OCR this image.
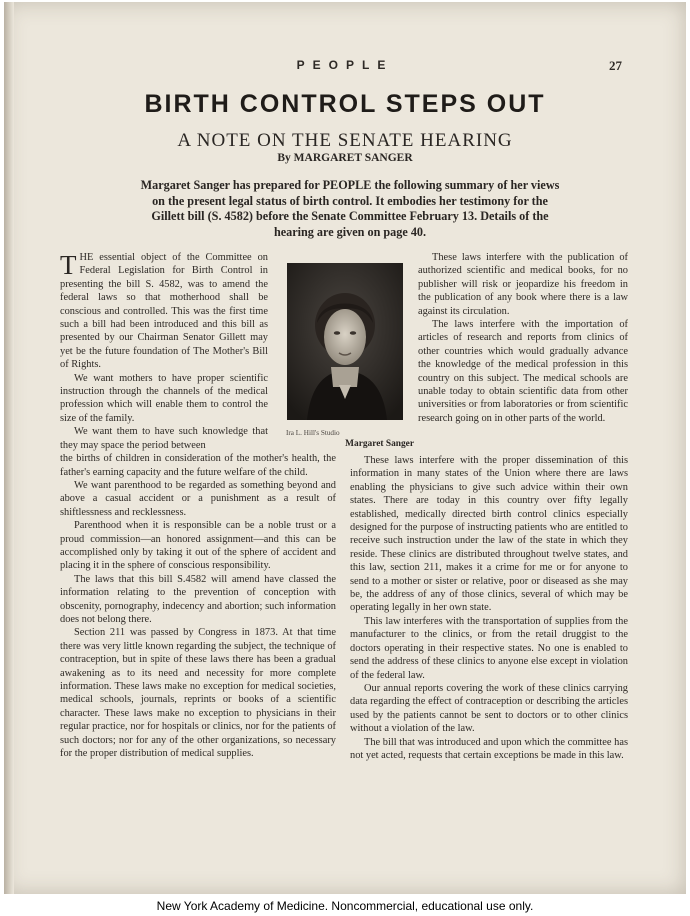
PEOPLE	27
BIRTH CONTROL STEPS OUT
A NOTE ON THE SENATE HEARING
By MARGARET SANGER
Margaret Sanger has prepared for PEOPLE the following summary of her views on the present legal status of birth control. It embodies her testimony for the Gillett bill (S. 4582) before the Senate Committee February 13. Details of the hearing are given on page 40.

THE essential object of the Committee on Federal Legislation for Birth Control in presenting the bill S. 4582, was to amend the federal laws so that motherhood shall be conscious and controlled. This was the first time such a bill had been introduced and this bill as presented by our Chairman Senator Gillett may yet be the future foundation of The Mother's Bill of Rights.

We want mothers to have proper scientific instruction through the channels of the medical profession which will enable them to control the size of the family.

We want them to have such knowledge that they may space the period between

the births of children in consideration of the mother's health, the father's earning capacity and the future welfare of the child.

We want parenthood to be regarded as something beyond and above a casual accident or a punishment as a result of shiftlessness and recklessness.

Parenthood when it is responsible can be a noble trust or a proud commission—an honored assignment—and this can be accomplished only by taking it out of the sphere of accident and placing it in the sphere of conscious responsibility.

The laws that this bill S.4582 will amend have classed the information relating to the prevention of conception with obscenity, pornography, indecency and abortion; such information does not belong there.

Section 211 was passed by Congress in 1873. At that time there was very little known regarding the subject, the technique of contraception, but in spite of these laws there has been a gradual awakening as to its need and necessity for more complete information. These laws make no exception for medical societies, medical schools, journals, reprints or books of a scientific character. These laws make no exception to physicians in their regular practice, nor for hospitals or clinics, nor for the patients of such doctors; nor for any of the other organizations, so necessary for the proper distribution of medical supplies.

Ira L. Hill's Studio
Margaret Sanger

These laws interfere with the publication of authorized scientific and medical books, for no publisher will risk or jeopardize his freedom in the publication of any book where there is a law against its circulation.

The laws interfere with the importation of articles of research and reports from clinics of other countries which would gradually advance the knowledge of the medical profession in this country on this subject. The medical schools are unable today to obtain scientific data from other universities or from laboratories or from scientific research going on in other parts of the world.

These laws interfere with the proper dissemination of this information in many states of the Union where there are laws enabling the physicians to give such advice within their own states. There are today in this country over fifty legally established, medically directed birth control clinics especially designed for the purpose of instructing patients who are entitled to receive such instruction under the law of the state in which they reside. These clinics are distributed throughout twelve states, and this law, section 211, makes it a crime for me or for anyone to send to a mother or sister or relative, poor or diseased as she may be, the address of any of those clinics, several of which may be operating legally in her own state.

This law interferes with the transportation of supplies from the manufacturer to the clinics, or from the retail druggist to the doctors operating in their respective states. No one is enabled to send the address of these clinics to anyone else except in violation of the federal law.

Our annual reports covering the work of these clinics carrying data regarding the effect of contraception or describing the articles used by the patients cannot be sent to doctors or to other clinics without a violation of the law.

The bill that was introduced and upon which the committee has not yet acted, requests that certain exceptions be made in this law.

New York Academy of Medicine. Noncommercial, educational use only.
